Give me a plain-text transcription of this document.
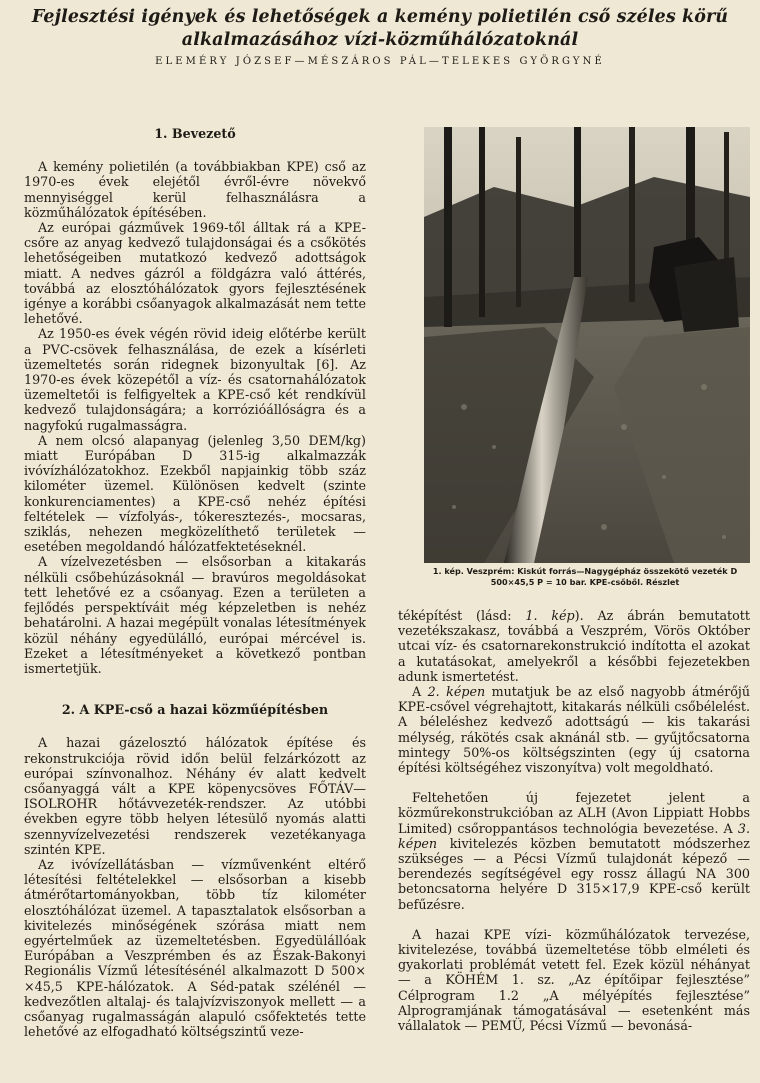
Fejlesztési igények és lehetőségek a kemény polietilén cső széles körű
alkalmazásához vízi-közműhálózatoknál
ELEMÉRY JÓZSEF—MÉSZÁROS PÁL—TELEKES GYÖRGYNÉ
1. Bevezető

A kemény polietilén (a továbbiakban KPE) cső az 1970-es évek elejétől évről-évre növekvő mennyiséggel kerül felhasználásra a közműhálózatok építésében.

Az európai gázművek 1969-től álltak rá a KPE-csőre az anyag kedvező tulajdonságai és a csőkötés lehetőségeiben mutatkozó kedvező adottságok miatt. A nedves gázról a földgázra való áttérés, továbbá az elosztóhálózatok gyors fejlesztésének igénye a korábbi csőanyagok alkalmazását nem tette lehetővé.

Az 1950-es évek végén rövid ideig előtérbe került a PVC-csövek felhasználása, de ezek a kísérleti üzemeltetés során ridegnek bizonyultak [6]. Az 1970-es évek közepétől a víz- és csatornahálózatok üzemeltetői is felfigyeltek a KPE-cső két rendkívül kedvező tulajdonságára; a korrózióállóságra és a nagyfokú rugalmasságra.

A nem olcsó alapanyag (jelenleg 3,50 DEM/kg) miatt Európában D 315-ig alkalmazzák ivóvízhálózatokhoz. Ezekből napjainkig több száz kilométer üzemel. Különösen kedvelt (szinte konkurenciamentes) a KPE-cső nehéz építési feltételek — vízfolyás-, tókeresztezés-, mocsaras, sziklás, nehezen megközelíthető területek — esetében megoldandó hálózatfektetéseknél.

A vízelvezetésben — elsősorban a kitakarás nélküli csőbehúzásoknál — bravúros megoldásokat tett lehetővé ez a csőanyag. Ezen a területen a fejlődés perspektíváit még képzeletben is nehéz behatárolni. A hazai megépült vonalas létesítmények közül néhány egyedülálló, európai mércével is. Ezeket a létesítményeket a következő pontban ismertetjük.

2. A KPE-cső a hazai közműépítésben

A hazai gázelosztó hálózatok építése és rekonstrukciója rövid időn belül felzárkózott az európai színvonalhoz. Néhány év alatt kedvelt csőanyaggá vált a KPE köpenycsöves FŐTÁV—ISOLROHR hőtávvezeték-rendszer. Az utóbbi években egyre több helyen létesülő nyomás alatti szennyvízelvezetési rendszerek vezetékanyaga szintén KPE.

Az ivóvízellátásban — vízművenként eltérő létesítési feltételekkel — elsősorban a kisebb átmérőtartományokban, több tíz kilométer elosztóhálózat üzemel. A tapasztalatok elsősorban a kivitelezés minőségének szórása miatt nem egyértelműek az üzemeltetésben. Egyedülállóak Európában a Veszprémben és az Észak-Bakonyi Regionális Vízmű létesítésénél alkalmazott D 500× ×45,5 KPE-hálózatok. A Séd-patak szélénél — kedvezőtlen altalaj- és talajvízviszonyok mellett — a csőanyag rugalmasságán alapuló csőfektetés tette lehetővé az elfogadható költségszintű veze-

1. kép. Veszprém: Kiskút forrás—Nagygépház összekötő vezeték D 500×45,5 P = 10 bar. KPE-csőből. Részlet

téképítést (lásd: 1. kép). Az ábrán bemutatott vezetékszakasz, továbbá a Veszprém, Vörös Október utcai víz- és csatornarekonstrukció indította el azokat a kutatásokat, amelyekről a későbbi fejezetekben adunk ismertetést.

A 2. képen mutatjuk be az első nagyobb átmérőjű KPE-csővel végrehajtott, kitakarás nélküli csőbélelést. A béleléshez kedvező adottságú — kis takarási mélység, rákötés csak aknánál stb. — gyűjtőcsatorna mintegy 50%-os költségszinten (egy új csatorna építési költségéhez viszonyítva) volt megoldható.

Feltehetően új fejezetet jelent a közműrekonstrukcióban az ALH (Avon Lippiatt Hobbs Limited) csőroppantásos technológia bevezetése. A 3. képen kivitelezés közben bemutatott módszerhez szükséges — a Pécsi Vízmű tulajdonát képező — berendezés segítségével egy rossz állagú NA 300 betoncsatorna helyére D 315×17,9 KPE-cső került befűzésre.

A hazai KPE vízi- közműhálózatok tervezése, kivitelezése, továbbá üzemeltetése több elméleti és gyakorlati problémát vetett fel. Ezek közül néhányat — a KÖHÉM 1. sz. „Az építőipar fejlesztése” Célprogram 1.2 „A mélyépítés fejlesztése” Alprogramjának támogatásával — esetenként más vállalatok — PEMÜ, Pécsi Vízmű — bevonásá-
